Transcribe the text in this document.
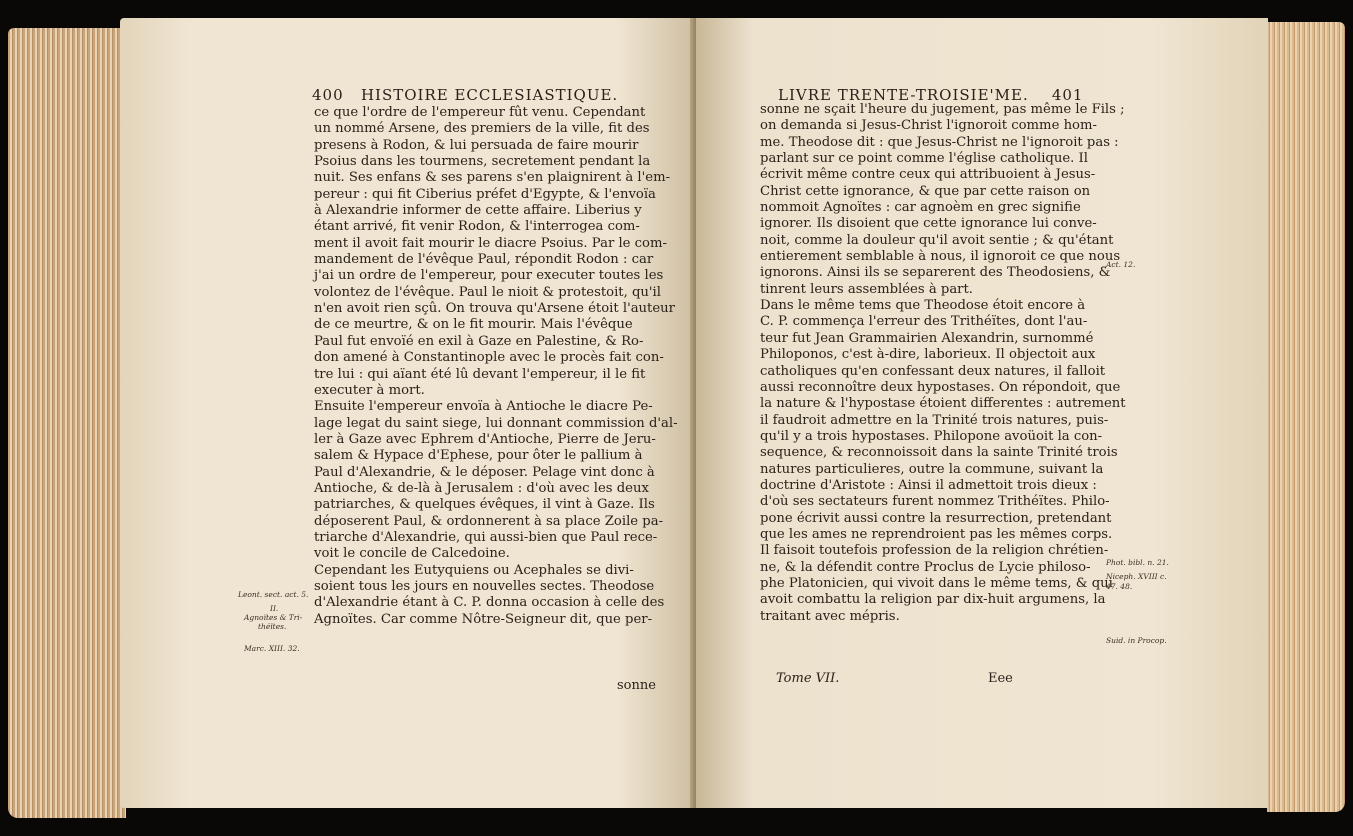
400 HISTOIRE ECCLESIASTIQUE.
ce que l'ordre de l'empereur fût venu. Cependant
un nommé Arsene, des premiers de la ville, fit des
presens à Rodon, & lui persuada de faire mourir
Psoius dans les tourmens, secretement pendant la
nuit. Ses enfans & ses parens s'en plaignirent à l'em-
pereur : qui fit Ciberius préfet d'Egypte, & l'envoïa
à Alexandrie informer de cette affaire. Liberius y
étant arrivé, fit venir Rodon, & l'interrogea com-
ment il avoit fait mourir le diacre Psoius. Par le com-
mandement de l'évêque Paul, répondit Rodon : car
j'ai un ordre de l'empereur, pour executer toutes les
volontez de l'évêque. Paul le nioit & protestoit, qu'il
n'en avoit rien sçû. On trouva qu'Arsene étoit l'auteur
de ce meurtre, & on le fit mourir. Mais l'évêque
Paul fut envoïé en exil à Gaze en Palestine, & Ro-
don amené à Constantinople avec le procès fait con-
tre lui : qui aïant été lû devant l'empereur, il le fit
executer à mort.
Ensuite l'empereur envoïa à Antioche le diacre Pe-
lage legat du saint siege, lui donnant commission d'al-
ler à Gaze avec Ephrem d'Antioche, Pierre de Jeru-
salem & Hypace d'Ephese, pour ôter le pallium à
Paul d'Alexandrie, & le déposer. Pelage vint donc à
Antioche, & de-là à Jerusalem : d'où avec les deux
patriarches, & quelques évêques, il vint à Gaze. Ils
déposerent Paul, & ordonnerent à sa place Zoile pa-
triarche d'Alexandrie, qui aussi-bien que Paul rece-
voit le concile de Calcedoine.
Cependant les Eutyquiens ou Acephales se divi-
soient tous les jours en nouvelles sectes. Theodose
d'Alexandrie étant à C. P. donna occasion à celle des
Agnoïtes. Car comme Nôtre-Seigneur dit, que per-
sonne
Leont. sect. act. 5.
II.
Agnoïtes & Tri-
théïtes.
Marc. XIII. 32.
LIVRE TRENTE-TROISIE'ME. 401
sonne ne sçait l'heure du jugement, pas même le Fils ;
on demanda si Jesus-Christ l'ignoroit comme hom-
me. Theodose dit : que Jesus-Christ ne l'ignoroit pas :
parlant sur ce point comme l'église catholique. Il
écrivit même contre ceux qui attribuoient à Jesus-
Christ cette ignorance, & que par cette raison on
nommoit Agnoïtes : car agnoèm en grec signifie
ignorer. Ils disoient que cette ignorance lui conve-
noit, comme la douleur qu'il avoit sentie ; & qu'étant
entierement semblable à nous, il ignoroit ce que nous
ignorons. Ainsi ils se separerent des Theodosiens, &
tinrent leurs assemblées à part.
Dans le même tems que Theodose étoit encore à
C. P. commença l'erreur des Trithéïtes, dont l'au-
teur fut Jean Grammairien Alexandrin, surnommé
Philoponos, c'est à-dire, laborieux. Il objectoit aux
catholiques qu'en confessant deux natures, il falloit
aussi reconnoître deux hypostases. On répondoit, que
la nature & l'hypostase étoient differentes : autrement
il faudroit admettre en la Trinité trois natures, puis-
qu'il y a trois hypostases. Philopone avoüoit la con-
sequence, & reconnoissoit dans la sainte Trinité trois
natures particulieres, outre la commune, suivant la
doctrine d'Aristote : Ainsi il admettoit trois dieux :
d'où ses sectateurs furent nommez Trithéïtes. Philo-
pone écrivit aussi contre la resurrection, pretendant
que les ames ne reprendroient pas les mêmes corps.
Il faisoit toutefois profession de la religion chrétien-
ne, & la défendit contre Proclus de Lycie philoso-
phe Platonicien, qui vivoit dans le même tems, & qui
avoit combattu la religion par dix-huit argumens, la
traitant avec mépris.
Tome VII.	Eee
Act. 12.
Phot. bibl. n. 21.
Niceph. XVIII c.
47. 48.
Suid. in Procop.
